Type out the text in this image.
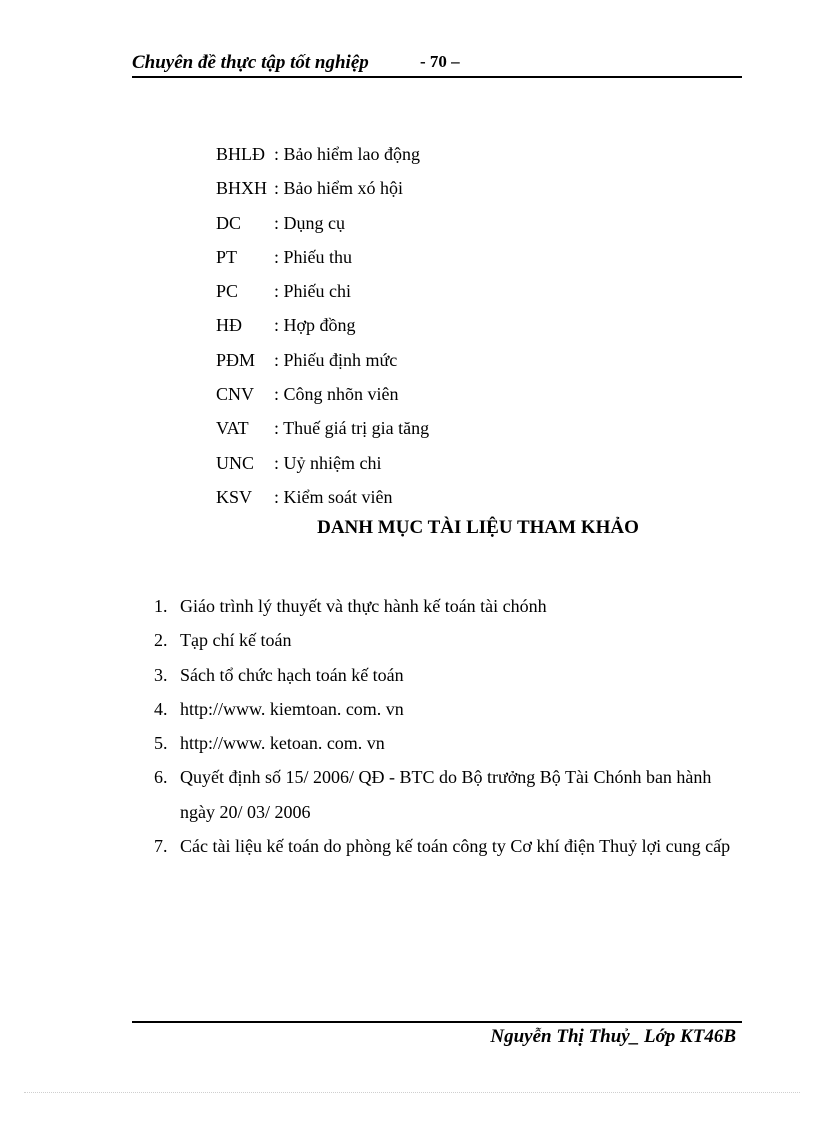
Chuyên đề thực tập tốt nghiệp	- 70 –
BHLĐ : Bảo hiểm lao động
BHXH : Bảo hiểm xó hội
DC	: Dụng cụ
PT	: Phiếu thu
PC	: Phiếu chi
HĐ	: Hợp đồng
PĐM	: Phiếu định mức
CNV	: Công nhõn viên
VAT	: Thuế giá trị gia tăng
UNC	: Uỷ nhiệm chi
KSV	: Kiểm soát viên
DANH MỤC TÀI LIỆU THAM KHẢO
1. Giáo trình lý thuyết và thực hành kế toán tài chónh
2. Tạp chí kế toán
3. Sách tổ chức hạch toán kế toán
4. http://www. kiemtoan. com. vn
5. http://www. ketoan. com. vn
6. Quyết định số 15/ 2006/ QĐ - BTC do Bộ trưởng Bộ Tài Chónh ban hành ngày 20/ 03/ 2006
7. Các tài liệu kế toán do phòng kế toán công ty Cơ khí điện Thuỷ lợi cung cấp
Nguyễn Thị Thuỷ_ Lớp KT46B
